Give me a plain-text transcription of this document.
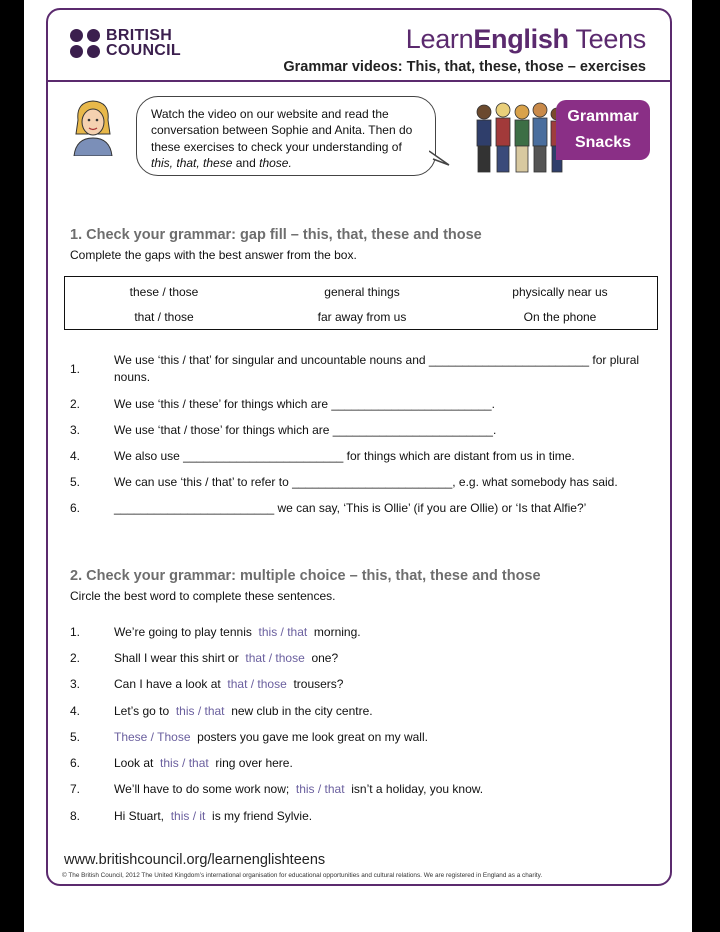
BRITISH
COUNCIL	LearnEnglish Teens
Grammar videos: This, that, these, those – exercises
Watch the video on our website and read the conversation between Sophie and Anita. Then do these exercises to check your understanding of this, that, these and those.
Grammar
Snacks
1. Check your grammar: gap fill – this, that, these and those
Complete the gaps with the best answer from the box.
these / those	general things	physically near us
that / those	far away from us	On the phone
1.
We use ‘this / that’ for singular and uncountable nouns and ________________________ for plural nouns.
2.	We use ‘this / these’ for things which are ________________________.
3.	We use ‘that / those’ for things which are ________________________.
4.	We also use ________________________ for things which are distant from us in time.
5.	We can use ‘this / that’ to refer to ________________________, e.g. what somebody has said.
6.	________________________ we can say, ‘This is Ollie’ (if you are Ollie) or ‘Is that Alfie?’
2. Check your grammar: multiple choice – this, that, these and those
Circle the best word to complete these sentences.
1.	We’re going to play tennis this / that morning.
2.	Shall I wear this shirt or that / those one?
3.	Can I have a look at that / those trousers?
4.	Let’s go to this / that new club in the city centre.
5.	These / Those posters you gave me look great on my wall.
6.	Look at this / that ring over here.
7.	We’ll have to do some work now; this / that isn’t a holiday, you know.
8.	Hi Stuart, this / it is my friend Sylvie.
www.britishcouncil.org/learnenglishteens
© The British Council, 2012 The United Kingdom’s international organisation for educational opportunities and cultural relations. We are registered in England as a charity.
